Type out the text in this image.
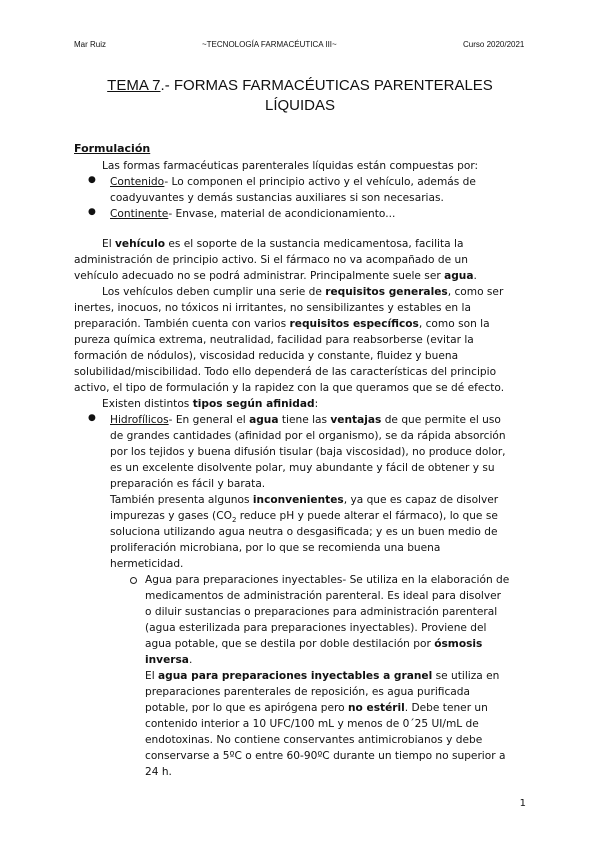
Mar Ruiz	~TECNOLOGÍA FARMACÉUTICA III~	Curso 2020/2021
TEMA 7.- FORMAS FARMACÉUTICAS PARENTERALES
LÍQUIDAS
Formulación
Las formas farmacéuticas parenterales líquidas están compuestas por:
● Contenido- Lo componen el principio activo y el vehículo, además de
coadyuvantes y demás sustancias auxiliares si son necesarias.
● Continente- Envase, material de acondicionamiento...
El vehículo es el soporte de la sustancia medicamentosa, facilita la
administración de principio activo. Si el fármaco no va acompañado de un
vehículo adecuado no se podrá administrar. Principalmente suele ser agua.
Los vehículos deben cumplir una serie de requisitos generales, como ser
inertes, inocuos, no tóxicos ni irritantes, no sensibilizantes y estables en la
preparación. También cuenta con varios requisitos específicos, como son la
pureza química extrema, neutralidad, facilidad para reabsorberse (evitar la
formación de nódulos), viscosidad reducida y constante, fluidez y buena
solubilidad/miscibilidad. Todo ello dependerá de las características del principio
activo, el tipo de formulación y la rapidez con la que queramos que se dé efecto.
Existen distintos tipos según afinidad:
● Hidrofílicos- En general el agua tiene las ventajas de que permite el uso
de grandes cantidades (afinidad por el organismo), se da rápida absorción
por los tejidos y buena difusión tisular (baja viscosidad), no produce dolor,
es un excelente disolvente polar, muy abundante y fácil de obtener y su
preparación es fácil y barata.
También presenta algunos inconvenientes, ya que es capaz de disolver
impurezas y gases ($CO_2$ reduce pH y puede alterar el fármaco), lo que se
soluciona utilizando agua neutra o desgasificada; y es un buen medio de
proliferación microbiana, por lo que se recomienda una buena
hermeticidad.
Agua para preparaciones inyectables- Se utiliza en la elaboración de
medicamentos de administración parenteral. Es ideal para disolver
o diluir sustancias o preparaciones para administración parenteral
(agua esterilizada para preparaciones inyectables). Proviene del
agua potable, que se destila por doble destilación por ósmosis
inversa.
El agua para preparaciones inyectables a granel se utiliza en
preparaciones parenterales de reposición, es agua purificada
potable, por lo que es apirógena pero no estéril. Debe tener un
contenido interior a 10 UFC/100 mL y menos de 0´25 UI/mL de
endotoxinas. No contiene conservantes antimicrobianos y debe
conservarse a 5ºC o entre 60-90ºC durante un tiempo no superior a
24 h.
1
